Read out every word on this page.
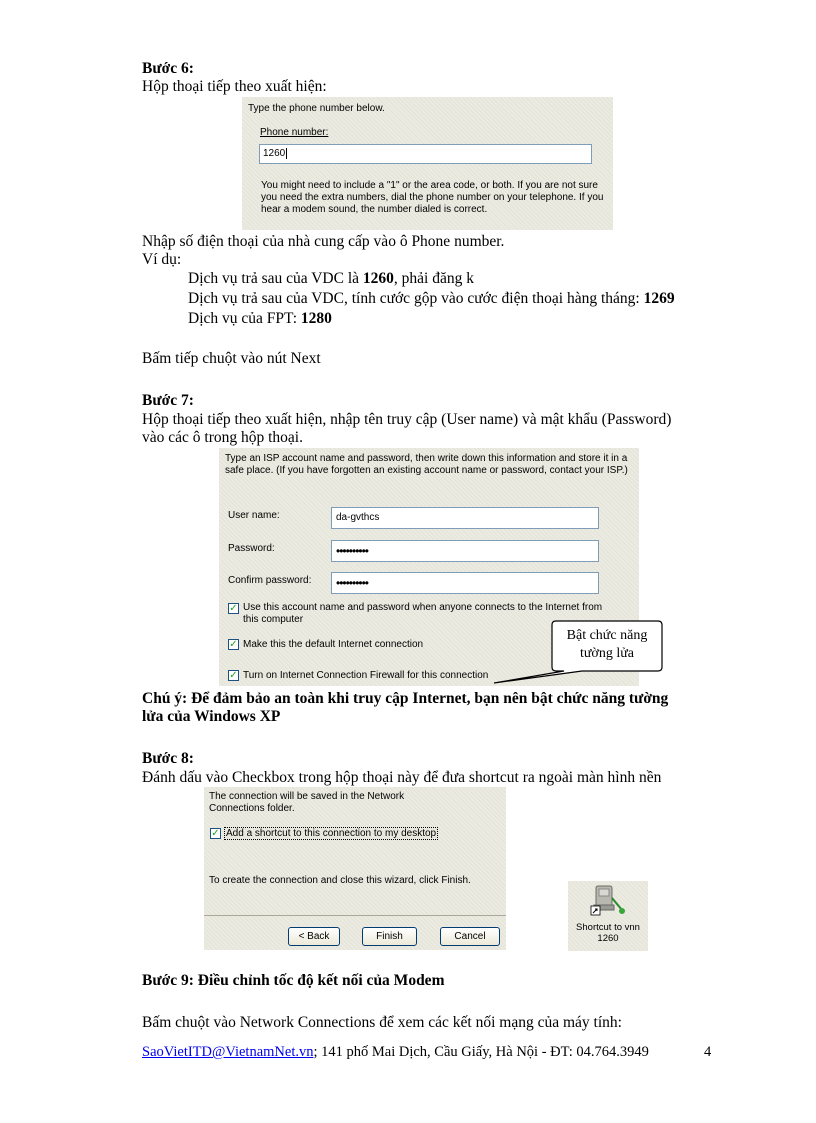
Bước 6:
Hộp thoại tiếp theo xuất hiện:
Type the phone number below.
Phone number:
1260
You might need to include a "1" or the area code, or both. If you are not sure
you need the extra numbers, dial the phone number on your telephone. If you
hear a modem sound, the number dialed is correct.
Nhập số điện thoại của nhà cung cấp vào ô Phone number.
Ví dụ:
Dịch vụ trả sau của VDC là 1260, phải đăng k
Dịch vụ trả sau của VDC, tính cước gộp vào cước điện thoại hàng tháng: 1269
Dịch vụ của FPT: 1280
Bấm tiếp chuột vào nút Next
Bước 7:
Hộp thoại tiếp theo xuất hiện, nhập tên truy cập (User name) và mật khẩu (Password)
vào các ô trong hộp thoại.
Type an ISP account name and password, then write down this information and store it in a
safe place. (If you have forgotten an existing account name or password, contact your ISP.)
User name:	da-gvthcs
Password:	••••••••••
Confirm password:	••••••••••
✓ Use this account name and password when anyone connects to the Internet from
this computer
✓ Make this the default Internet connection
✓ Turn on Internet Connection Firewall for this connection
Bật chức năng
tường lửa
Chú ý: Để đảm bảo an toàn khi truy cập Internet, bạn nên bật chức năng tường
lửa của Windows XP
Bước 8:
Đánh dấu vào Checkbox trong hộp thoại này để đưa shortcut ra ngoài màn hình nền
The connection will be saved in the Network
Connections folder.
✓ Add a shortcut to this connection to my desktop
To create the connection and close this wizard, click Finish.
< Back	Finish	Cancel
Shortcut to vnn
1260
Bước 9: Điều chỉnh tốc độ kết nối của Modem
Bấm chuột vào Network Connections để xem các kết nối mạng của máy tính:
SaoVietITD@VietnamNet.vn; 141 phố Mai Dịch, Cầu Giấy, Hà Nội - ĐT: 04.764.3949	4
